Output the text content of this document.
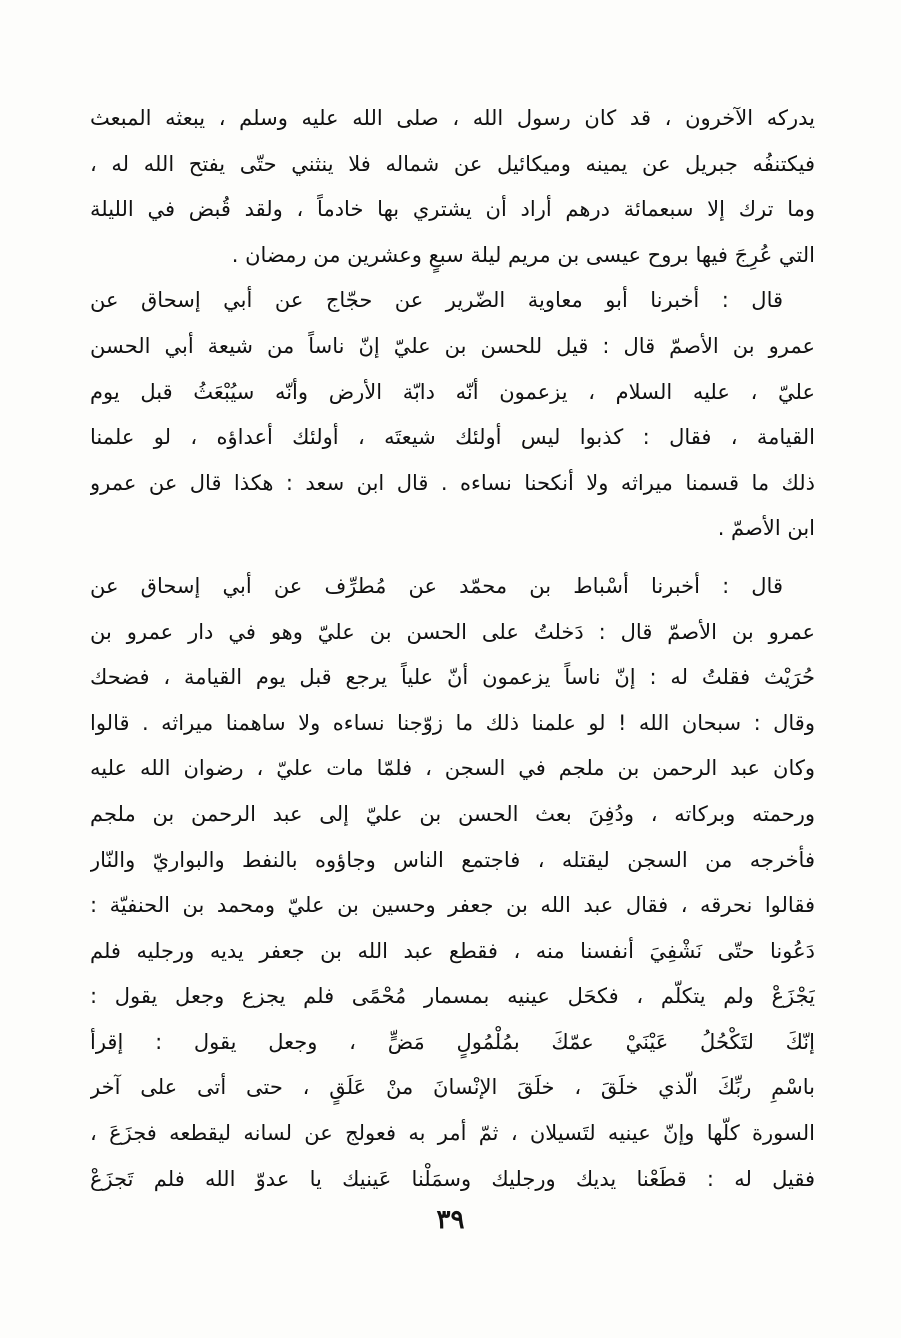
يدركه الآخرون ، قد كان رسول الله ، صلى الله عليه وسلم ، يبعثه المبعث
فيكتنفُه جبريل عن يمينه وميكائيل عن شماله فلا ينثني حتّى يفتح الله له ،
وما ترك إلا سبعمائة درهم أراد أن يشتري بها خادماً ، ولقد قُبض في الليلة
التي عُرِجَ فيها بروح عيسى بن مريم ليلة سبعٍ وعشرين من رمضان .
قال : أخبرنا أبو معاوية الضّرير عن حجّاج عن أبي إسحاق عن
عمرو بن الأصمّ قال : قيل للحسن بن عليّ إنّ ناساً من شيعة أبي الحسن
عليّ ، عليه السلام ، يزعمون أنّه دابّة الأرض وأنّه سيُبْعَثُ قبل يوم
القيامة ، فقال : كذبوا ليس أولئك شيعتَه ، أولئك أعداؤه ، لو علمنا
ذلك ما قسمنا ميراثه ولا أنكحنا نساءه . قال ابن سعد : هكذا قال عن عمرو
ابن الأصمّ .
قال : أخبرنا أسْباط بن محمّد عن مُطرِّف عن أبي إسحاق عن
عمرو بن الأصمّ قال : دَخلتُ على الحسن بن عليّ وهو في دار عمرو بن
حُرَيْث فقلتُ له : إنّ ناساً يزعمون أنّ علياً يرجع قبل يوم القيامة ، فضحك
وقال : سبحان الله ! لو علمنا ذلك ما زوّجنا نساءه ولا ساهمنا ميراثه . قالوا
وكان عبد الرحمن بن ملجم في السجن ، فلمّا مات عليّ ، رضوان الله عليه
ورحمته وبركاته ، ودُفِنَ بعث الحسن بن عليّ إلى عبد الرحمن بن ملجم
فأخرجه من السجن ليقتله ، فاجتمع الناس وجاؤوه بالنفط والبواريّ والنّار
فقالوا نحرقه ، فقال عبد الله بن جعفر وحسين بن عليّ ومحمد بن الحنفيّة :
دَعُونا حتّى نَشْفِيَ أنفسنا منه ، فقطع عبد الله بن جعفر يديه ورجليه فلم
يَجْزَعْ ولم يتكلّم ، فكحَل عينيه بمسمار مُحْمًى فلم يجزع وجعل يقول :
إنّكَ لتَكْحُلُ عَيْنَيْ عمّكَ بمُلْمُولٍ مَضٍّ ، وجعل يقول : إقرأ
باسْمِ ربِّكَ الّذي خلَقَ ، خلَقَ الإنْسانَ منْ عَلَقٍ ، حتى أتى على آخر
السورة كلّها وإنّ عينيه لتَسيلان ، ثمّ أمر به فعولج عن لسانه ليقطعه فجزَعَ ،
فقيل له : قطَعْنا يديك ورجليك وسمَلْنا عَينيك يا عدوّ الله فلم تَجزَعْ
٣٩
